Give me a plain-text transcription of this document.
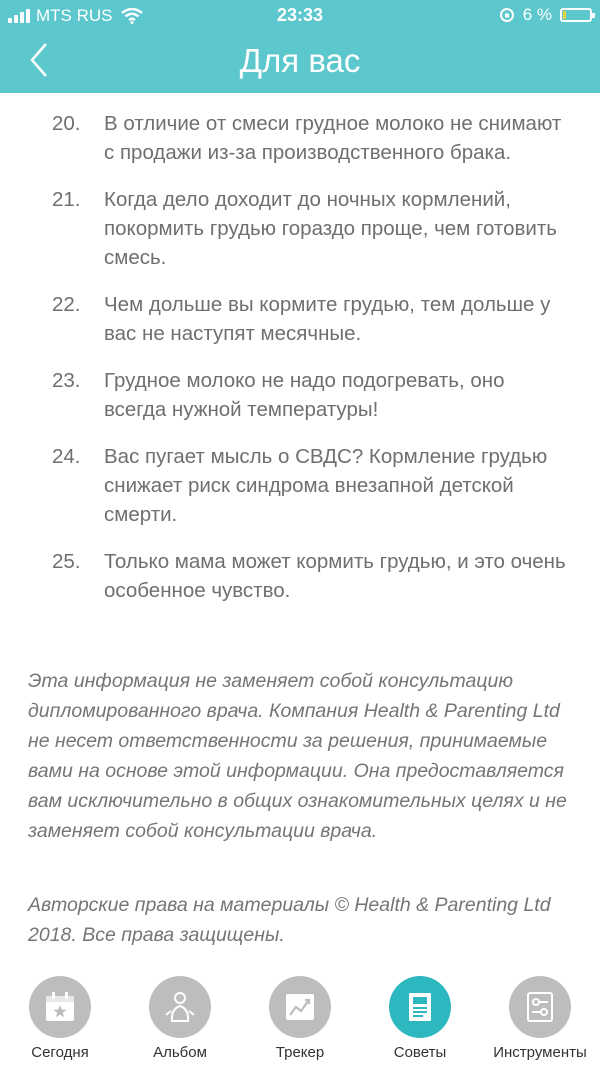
MTS RUS	23:33	6 %
Для вас
20. В отличие от смеси грудное молоко не снимают с продажи из-за производственного брака.
21. Когда дело доходит до ночных кормлений, покормить грудью гораздо проще, чем готовить смесь.
22. Чем дольше вы кормите грудью, тем дольше у вас не наступят месячные.
23. Грудное молоко не надо подогревать, оно всегда нужной температуры!
24. Вас пугает мысль о СВДС? Кормление грудью снижает риск синдрома внезапной детской смерти.
25. Только мама может кормить грудью, и это очень особенное чувство.
Эта информация не заменяет собой консультацию дипломированного врача. Компания Health & Parenting Ltd не несет ответственности за решения, принимаемые вами на основе этой информации. Она предоставляется вам исключительно в общих ознакомительных целях и не заменяет собой консультации врача.
Авторские права на материалы © Health & Parenting Ltd 2018. Все права защищены.
Сегодня	Альбом	Трекер	Советы	Инструменты
